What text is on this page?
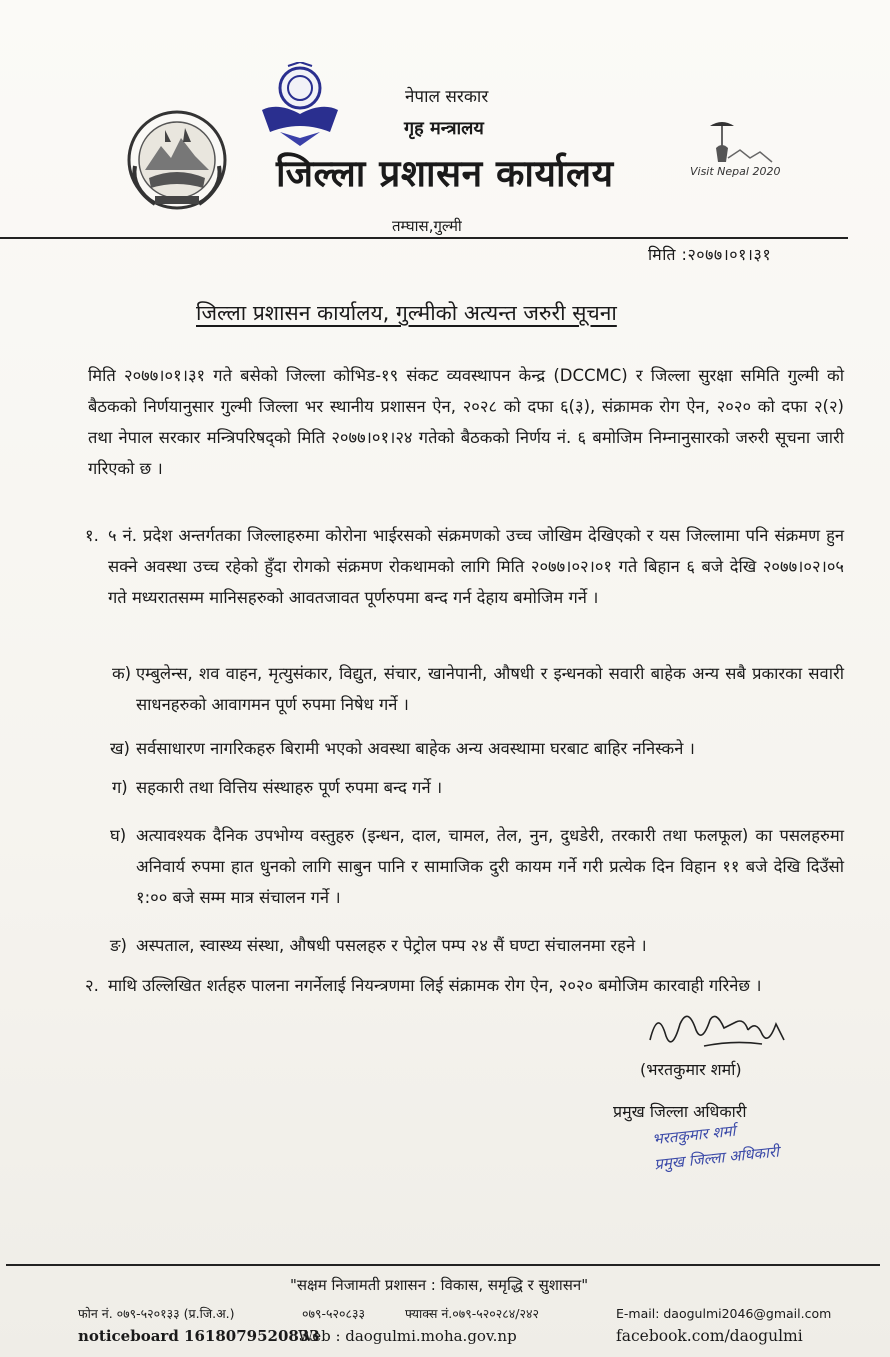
नेपाल सरकार
गृह मन्त्रालय
जिल्ला प्रशासन कार्यालय
तम्घास,गुल्मी
Visit Nepal 2020
मिति :२०७७।०१।३१
जिल्ला प्रशासन कार्यालय, गुल्मीको अत्यन्त जरुरी सूचना
मिति २०७७।०१।३१ गते बसेको जिल्ला कोभिड-१९ संकट व्यवस्थापन केन्द्र (DCCMC) र जिल्ला सुरक्षा समिति गुल्मी को बैठकको निर्णयानुसार गुल्मी जिल्ला भर स्थानीय प्रशासन ऐन, २०२८ को दफा ६(३), संक्रामक रोग ऐन, २०२० को दफा २(२) तथा नेपाल सरकार मन्त्रिपरिषद्को मिति २०७७।०१।२४ गतेको बैठकको निर्णय नं. ६ बमोजिम निम्नानुसारको जरुरी सूचना जारी गरिएको छ ।
१. ५ नं. प्रदेश अन्तर्गतका जिल्लाहरुमा कोरोना भाईरसको संक्रमणको उच्च जोखिम देखिएको र यस जिल्लामा पनि संक्रमण हुन सक्ने अवस्था उच्च रहेको हुँदा रोगको संक्रमण रोकथामको लागि मिति २०७७।०२।०१ गते बिहान ६ बजे देखि २०७७।०२।०५ गते मध्यरातसम्म मानिसहरुको आवतजावत पूर्णरुपमा बन्द गर्न देहाय बमोजिम गर्ने ।
क) एम्बुलेन्स, शव वाहन, मृत्युसंकार, विद्युत, संचार, खानेपानी, औषधी र इन्धनको सवारी बाहेक अन्य सबै प्रकारका सवारी साधनहरुको आवागमन पूर्ण रुपमा निषेध गर्ने ।
ख) सर्वसाधारण नागरिकहरु बिरामी भएको अवस्था बाहेक अन्य अवस्थामा घरबाट बाहिर ननिस्कने ।
ग) सहकारी तथा वित्तिय संस्थाहरु पूर्ण रुपमा बन्द गर्ने ।
घ) अत्यावश्यक दैनिक उपभोग्य वस्तुहरु (इन्धन, दाल, चामल, तेल, नुन, दुधडेरी, तरकारी तथा फलफूल) का पसलहरुमा अनिवार्य रुपमा हात धुनको लागि साबुन पानि र सामाजिक दुरी कायम गर्ने गरी प्रत्येक दिन विहान ११ बजे देखि दिउँसो १:०० बजे सम्म मात्र संचालन गर्ने ।
ङ) अस्पताल, स्वास्थ्य संस्था, औषधी पसलहरु र पेट्रोल पम्प २४ सैं घण्टा संचालनमा रहने ।
२. माथि उल्लिखित शर्तहरु पालना नगर्नेलाई नियन्त्रणमा लिई संक्रामक रोग ऐन, २०२० बमोजिम कारवाही गरिनेछ ।
(भरतकुमार शर्मा)
प्रमुख जिल्ला अधिकारी
भरतकुमार शर्मा
प्रमुख जिल्ला अधिकारी
"सक्षम निजामती प्रशासन : विकास, समृद्धि र सुशासन"
फोन नं. ०७९-५२०१३३ (प्र.जि.अ.)	०७९-५२०८३३	फ्याक्स नं.०७९-५२०२८४/२४२	E-mail: daogulmi2046@gmail.com
noticeboard 1618079520833
Web : daogulmi.moha.gov.np	facebook.com/daogulmi
